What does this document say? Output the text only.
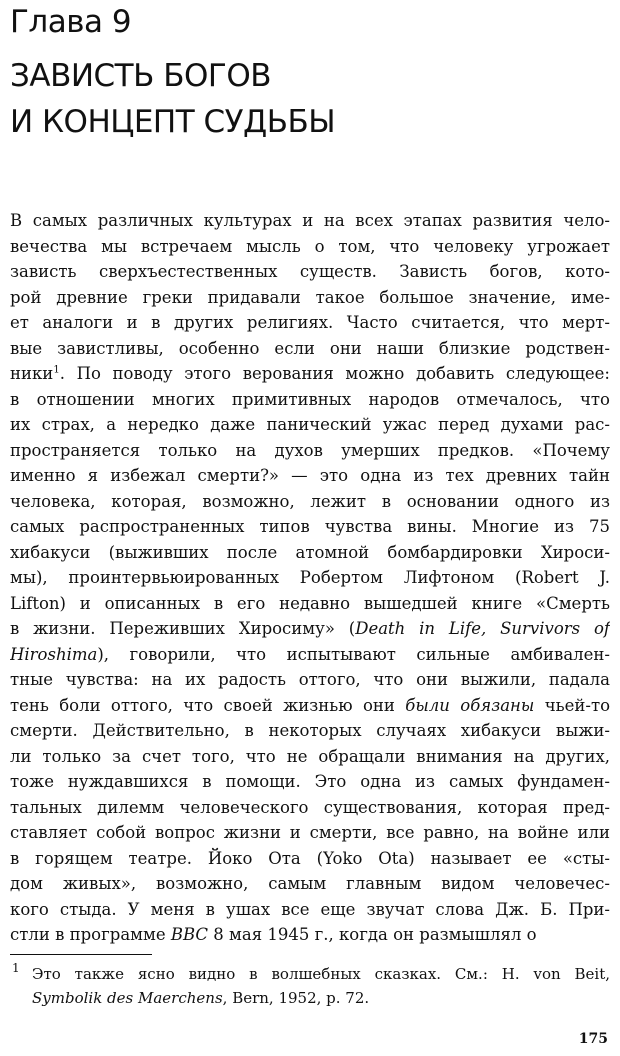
Глава 9
ЗАВИСТЬ БОГОВ
И КОНЦЕПТ СУДЬБЫ
В самых различных культурах и на всех этапах развития чело-
вечества мы встречаем мысль о том, что человеку угрожает
зависть сверхъестественных существ. Зависть богов, кото-
рой древние греки придавали такое большое значение, име-
ет аналоги и в других религиях. Часто считается, что мерт-
вые завистливы, особенно если они наши близкие родствен-
ники$^1$. По поводу этого верования можно добавить следующее:
в отношении многих примитивных народов отмечалось, что
их страх, а нередко даже панический ужас перед духами рас-
пространяется только на духов умерших предков. «Почему
именно я избежал смерти?» — это одна из тех древних тайн
человека, которая, возможно, лежит в основании одного из
самых распространенных типов чувства вины. Многие из 75
хибакуси (выживших после атомной бомбардировки Хироси-
мы), проинтервьюированных Робертом Лифтоном (Robert J.
Lifton) и описанных в его недавно вышедшей книге «Смерть
в жизни. Переживших Хиросиму» (Death in Life, Survivors of
Hiroshima), говорили, что испытывают сильные амбивален-
тные чувства: на их радость оттого, что они выжили, падала
тень боли оттого, что своей жизнью они были обязаны чьей-то
смерти. Действительно, в некоторых случаях хибакуси выжи-
ли только за счет того, что не обращали внимания на других,
тоже нуждавшихся в помощи. Это одна из самых фундамен-
тальных дилемм человеческого существования, которая пред-
ставляет собой вопрос жизни и смерти, все равно, на войне или
в горящем театре. Йоко Ота (Yoko Ota) называет ее «сты-
дом живых», возможно, самым главным видом человечес-
кого стыда. У меня в ушах все еще звучат слова Дж. Б. При-
стли в программе BBC 8 мая 1945 г., когда он размышлял о
1 Это также ясно видно в волшебных сказках. См.: H. von Beit,
Symbolik des Maerchens, Bern, 1952, p. 72.
175
